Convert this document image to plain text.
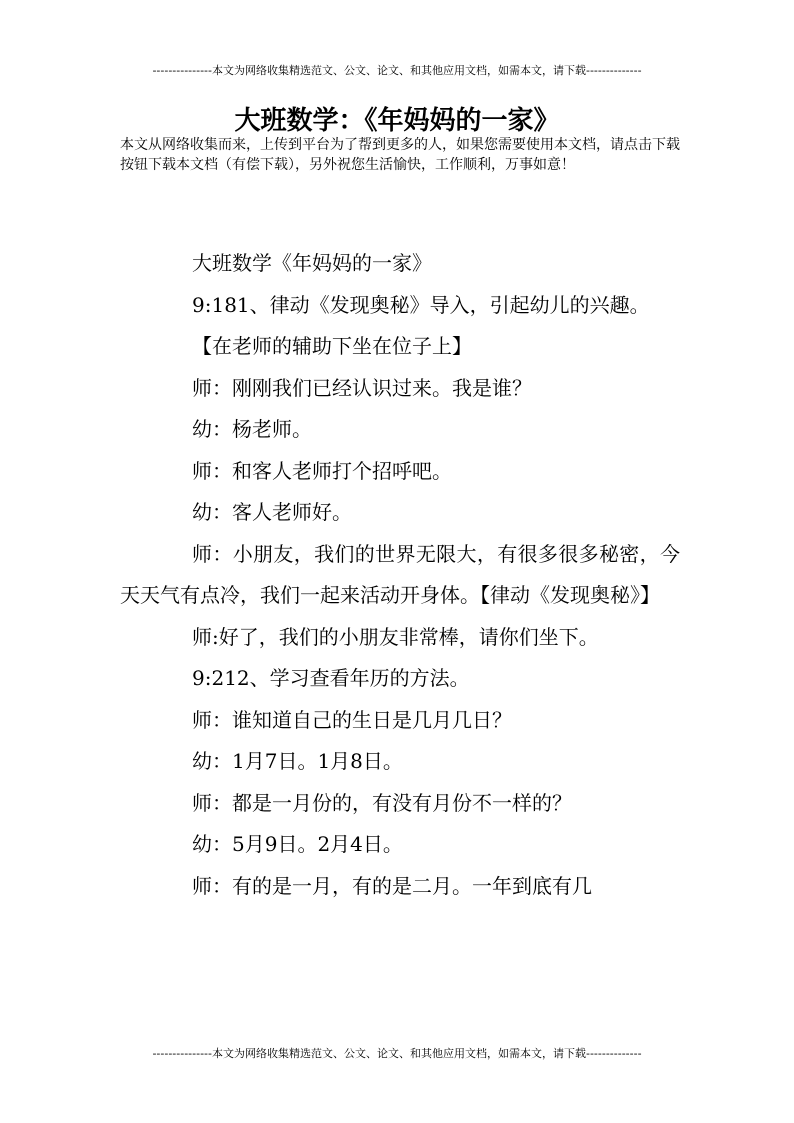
---------------本文为网络收集精选范文、公文、论文、和其他应用文档，如需本文，请下载--------------
大班数学：《年妈妈的一家》
本文从网络收集而来，上传到平台为了帮到更多的人，如果您需要使用本文档，请点击下载按钮下载本文档（有偿下载），另外祝您生活愉快，工作顺利，万事如意！

大班数学《年妈妈的一家》

9:181、律动《发现奥秘》导入，引起幼儿的兴趣。

【在老师的辅助下坐在位子上】

师：刚刚我们已经认识过来。我是谁？

幼：杨老师。

师：和客人老师打个招呼吧。

幼：客人老师好。

师：小朋友，我们的世界无限大，有很多很多秘密，今天天气有点冷，我们一起来活动开身体。【律动《发现奥秘》】

师:好了，我们的小朋友非常棒，请你们坐下。

9:212、学习查看年历的方法。

师：谁知道自己的生日是几月几日？

幼：1月7日。1月8日。

师：都是一月份的，有没有月份不一样的？

幼：5月9日。2月4日。

师：有的是一月，有的是二月。一年到底有几

---------------本文为网络收集精选范文、公文、论文、和其他应用文档，如需本文，请下载--------------
